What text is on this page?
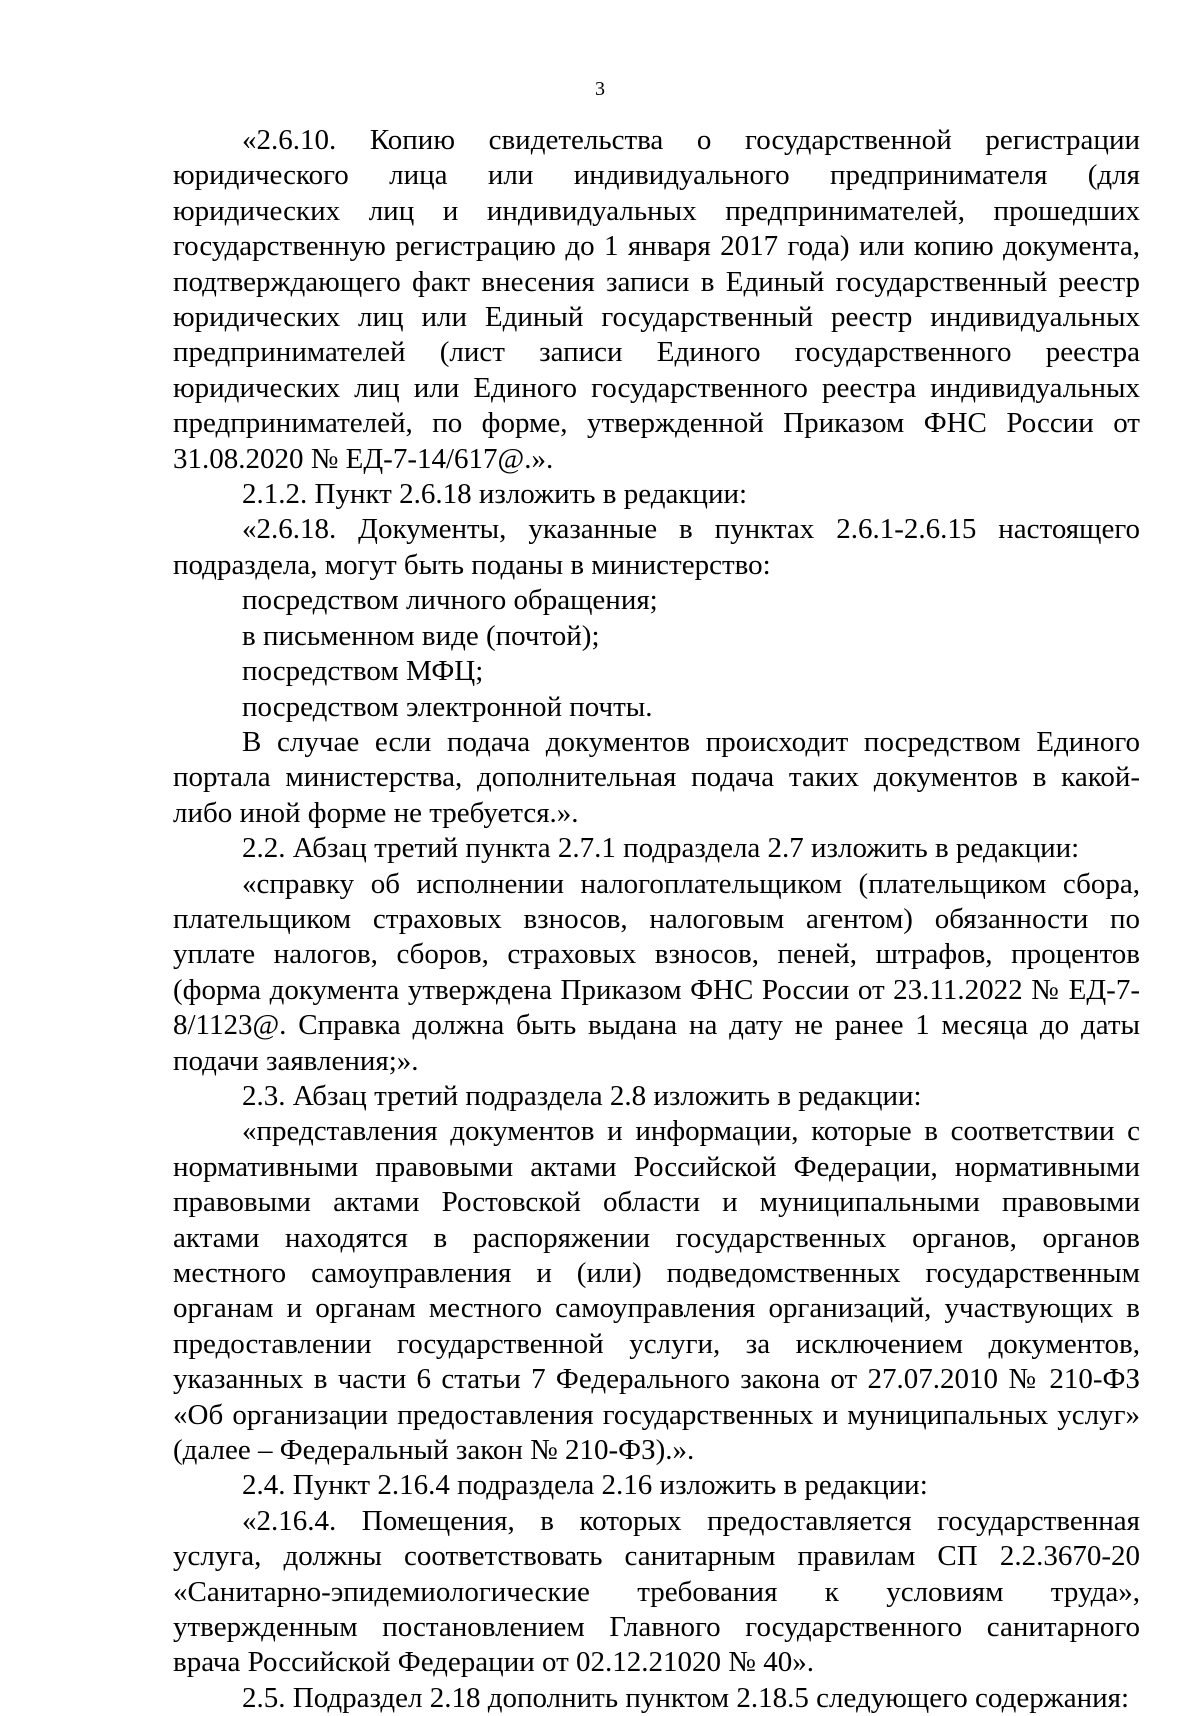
3

«2.6.10. Копию свидетельства о государственной регистрации юридического лица или индивидуального предпринимателя (для юридических лиц и индивидуальных предпринимателей, прошедших государственную регистрацию до 1 января 2017 года) или копию документа, подтверждающего факт внесения записи в Единый государственный реестр юридических лиц или Единый государственный реестр индивидуальных предпринимателей (лист записи Единого государственного реестра юридических лиц или Единого государственного реестра индивидуальных предпринимателей, по форме, утвержденной Приказом ФНС России от 31.08.2020 № ЕД-7-14/617@.».

2.1.2. Пункт 2.6.18 изложить в редакции:

«2.6.18. Документы, указанные в пунктах 2.6.1-2.6.15 настоящего подраздела, могут быть поданы в министерство:

посредством личного обращения;

в письменном виде (почтой);

посредством МФЦ;

посредством электронной почты.

В случае если подача документов происходит посредством Единого портала министерства, дополнительная подача таких документов в какой-либо иной форме не требуется.».

2.2. Абзац третий пункта 2.7.1 подраздела 2.7 изложить в редакции:

«справку об исполнении налогоплательщиком (плательщиком сбора, плательщиком страховых взносов, налоговым агентом) обязанности по уплате налогов, сборов, страховых взносов, пеней, штрафов, процентов (форма документа утверждена Приказом ФНС России от 23.11.2022 № ЕД-7-8/1123@. Справка должна быть выдана на дату не ранее 1 месяца до даты подачи заявления;».

2.3. Абзац третий подраздела 2.8 изложить в редакции:

«представления документов и информации, которые в соответствии с нормативными правовыми актами Российской Федерации, нормативными правовыми актами Ростовской области и муниципальными правовыми актами находятся в распоряжении государственных органов, органов местного самоуправления и (или) подведомственных государственным органам и органам местного самоуправления организаций, участвующих в предоставлении государственной услуги, за исключением документов, указанных в части 6 статьи 7 Федерального закона от 27.07.2010 № 210-ФЗ «Об организации предоставления государственных и муниципальных услуг» (далее – Федеральный закон № 210-ФЗ).».

2.4. Пункт 2.16.4 подраздела 2.16 изложить в редакции:

«2.16.4. Помещения, в которых предоставляется государственная услуга, должны соответствовать санитарным правилам СП 2.2.3670-20 «Санитарно-эпидемиологические требования к условиям труда», утвержденным постановлением Главного государственного санитарного врача Российской Федерации от 02.12.21020 № 40».

2.5. Подраздел 2.18 дополнить пунктом 2.18.5 следующего содержания:
